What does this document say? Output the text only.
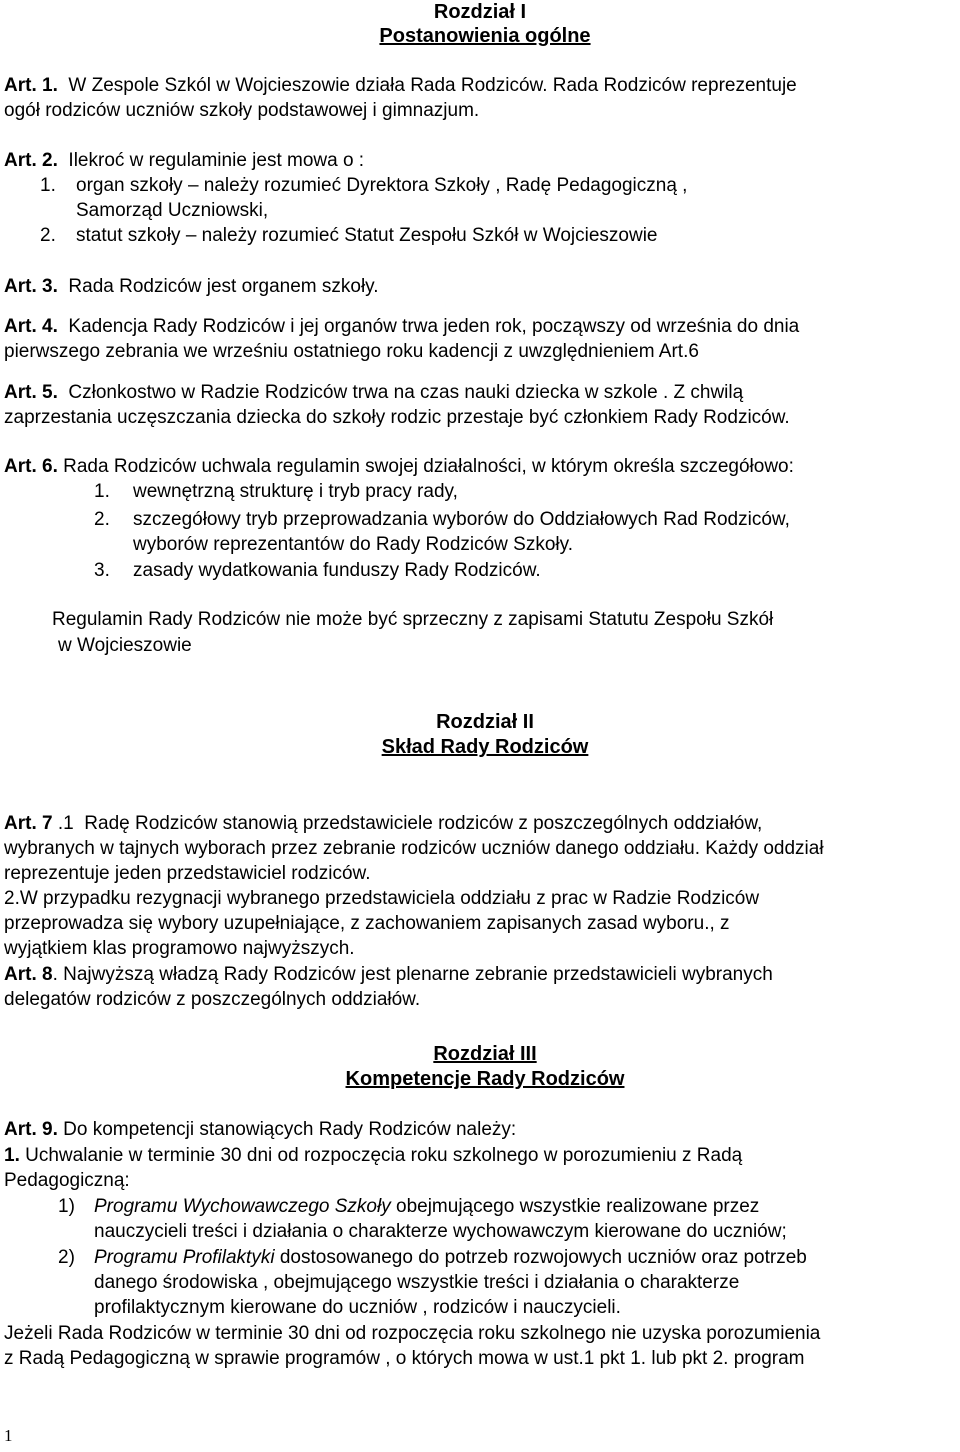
Rozdział I
Postanowienia ogólne
Art. 1. W Zespole Szkól w Wojcieszowie działa Rada Rodziców. Rada Rodziców reprezentuje
ogół rodziców uczniów szkoły podstawowej i gimnazjum.
Art. 2. Ilekroć w regulaminie jest mowa o :
1. organ szkoły – należy rozumieć Dyrektora Szkoły , Radę Pedagogiczną ,
Samorząd Uczniowski,
2. statut szkoły – należy rozumieć Statut Zespołu Szkół w Wojcieszowie
Art. 3. Rada Rodziców jest organem szkoły.
Art. 4. Kadencja Rady Rodziców i jej organów trwa jeden rok, począwszy od września do dnia
pierwszego zebrania we wrześniu ostatniego roku kadencji z uwzględnieniem Art.6
Art. 5. Członkostwo w Radzie Rodziców trwa na czas nauki dziecka w szkole . Z chwilą
zaprzestania uczęszczania dziecka do szkoły rodzic przestaje być członkiem Rady Rodziców.
Art. 6. Rada Rodziców uchwala regulamin swojej działalności, w którym określa szczegółowo:
1. wewnętrzną strukturę i tryb pracy rady,
2. szczegółowy tryb przeprowadzania wyborów do Oddziałowych Rad Rodziców,
wyborów reprezentantów do Rady Rodziców Szkoły.
3. zasady wydatkowania funduszy Rady Rodziców.
Regulamin Rady Rodziców nie może być sprzeczny z zapisami Statutu Zespołu Szkół
w Wojcieszowie
Rozdział II
Skład Rady Rodziców
Art. 7 .1 Radę Rodziców stanowią przedstawiciele rodziców z poszczególnych oddziałów,
wybranych w tajnych wyborach przez zebranie rodziców uczniów danego oddziału. Każdy oddział
reprezentuje jeden przedstawiciel rodziców.
2.W przypadku rezygnacji wybranego przedstawiciela oddziału z prac w Radzie Rodziców
przeprowadza się wybory uzupełniające, z zachowaniem zapisanych zasad wyboru., z
wyjątkiem klas programowo najwyższych.
Art. 8. Najwyższą władzą Rady Rodziców jest plenarne zebranie przedstawicieli wybranych
delegatów rodziców z poszczególnych oddziałów.
Rozdział III
Kompetencje Rady Rodziców
Art. 9. Do kompetencji stanowiących Rady Rodziców należy:
1. Uchwalanie w terminie 30 dni od rozpoczęcia roku szkolnego w porozumieniu z Radą
Pedagogiczną:
1) Programu Wychowawczego Szkoły obejmującego wszystkie realizowane przez
nauczycieli treści i działania o charakterze wychowawczym kierowane do uczniów;
2) Programu Profilaktyki dostosowanego do potrzeb rozwojowych uczniów oraz potrzeb
danego środowiska , obejmującego wszystkie treści i działania o charakterze
profilaktycznym kierowane do uczniów , rodziców i nauczycieli.
Jeżeli Rada Rodziców w terminie 30 dni od rozpoczęcia roku szkolnego nie uzyska porozumienia
z Radą Pedagogiczną w sprawie programów , o których mowa w ust.1 pkt 1. lub pkt 2. program
1
